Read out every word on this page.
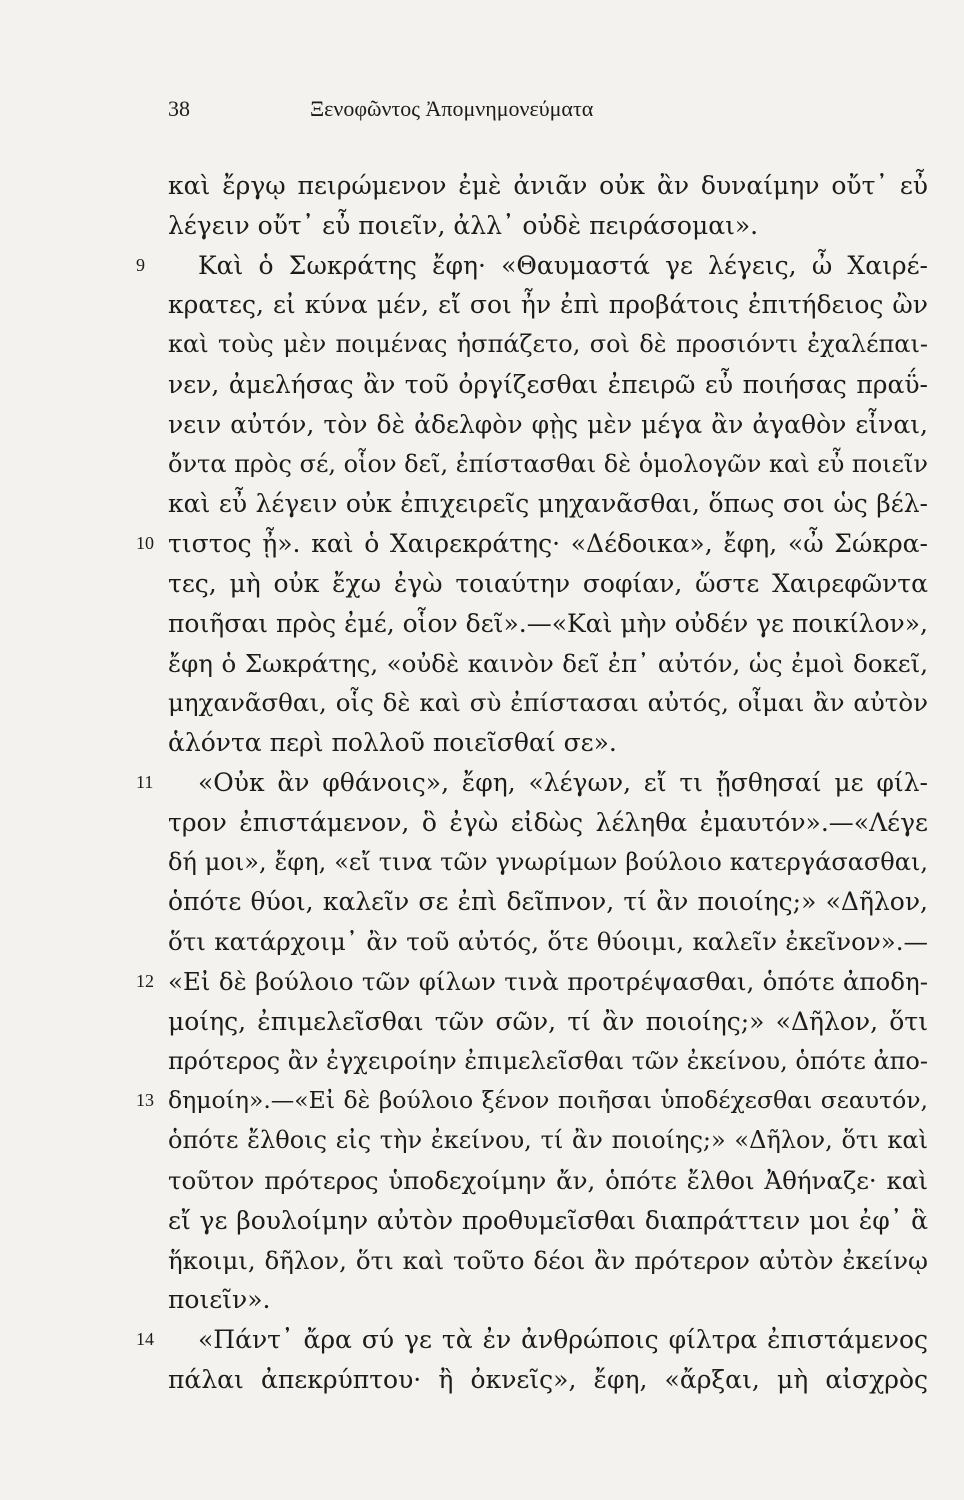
38	Ξενοφῶντος Ἀπομνημονεύματα
καὶ ἔργῳ πειρώμενον ἐμὲ ἀνιᾶν οὐκ ἂν δυναίμην οὔτ᾿ εὖ
λέγειν οὔτ᾿ εὖ ποιεῖν, ἀλλ᾿ οὐδὲ πειράσομαι».
9 Καὶ ὁ Σωκράτης ἔφη· «Θαυμαστά γε λέγεις, ὦ Χαιρέ-
κρατες, εἰ κύνα μέν, εἴ σοι ἦν ἐπὶ προβάτοις ἐπιτήδειος ὢν
καὶ τοὺς μὲν ποιμένας ἠσπάζετο, σοὶ δὲ προσιόντι ἐχαλέπαι-
νεν, ἀμελήσας ἂν τοῦ ὀργίζεσθαι ἐπειρῶ εὖ ποιήσας πραΰ-
νειν αὐτόν, τὸν δὲ ἀδελφὸν φῂς μὲν μέγα ἂν ἀγαθὸν εἶναι,
ὄντα πρὸς σέ, οἷον δεῖ, ἐπίστασθαι δὲ ὁμολογῶν καὶ εὖ ποιεῖν
καὶ εὖ λέγειν οὐκ ἐπιχειρεῖς μηχανᾶσθαι, ὅπως σοι ὡς βέλ-
10 τιστος ᾖ». καὶ ὁ Χαιρεκράτης· «Δέδοικα», ἔφη, «ὦ Σώκρα-
τες, μὴ οὐκ ἔχω ἐγὼ τοιαύτην σοφίαν, ὥστε Χαιρεφῶντα
ποιῆσαι πρὸς ἐμέ, οἷον δεῖ».—«Καὶ μὴν οὐδέν γε ποικίλον»,
ἔφη ὁ Σωκράτης, «οὐδὲ καινὸν δεῖ ἐπ᾿ αὐτόν, ὡς ἐμοὶ δοκεῖ,
μηχανᾶσθαι, οἷς δὲ καὶ σὺ ἐπίστασαι αὐτός, οἶμαι ἂν αὐτὸν
ἁλόντα περὶ πολλοῦ ποιεῖσθαί σε».
11 «Οὐκ ἂν φθάνοις», ἔφη, «λέγων, εἴ τι ᾔσθησαί με φίλ-
τρον ἐπιστάμενον, ὃ ἐγὼ εἰδὼς λέληθα ἐμαυτόν».—«Λέγε
δή μοι», ἔφη, «εἴ τινα τῶν γνωρίμων βούλοιο κατεργάσασθαι,
ὁπότε θύοι, καλεῖν σε ἐπὶ δεῖπνον, τί ἂν ποιοίης;» «Δῆλον,
ὅτι κατάρχοιμ᾿ ἂν τοῦ αὐτός, ὅτε θύοιμι, καλεῖν ἐκεῖνον».—
12 «Εἰ δὲ βούλοιο τῶν φίλων τινὰ προτρέψασθαι, ὁπότε ἀποδη-
μοίης, ἐπιμελεῖσθαι τῶν σῶν, τί ἂν ποιοίης;» «Δῆλον, ὅτι
πρότερος ἂν ἐγχειροίην ἐπιμελεῖσθαι τῶν ἐκείνου, ὁπότε ἀπο-
13 δημοίη».—«Εἰ δὲ βούλοιο ξένον ποιῆσαι ὑποδέχεσθαι σεαυτόν,
ὁπότε ἔλθοις εἰς τὴν ἐκείνου, τί ἂν ποιοίης;» «Δῆλον, ὅτι καὶ
τοῦτον πρότερος ὑποδεχοίμην ἄν, ὁπότε ἔλθοι Ἀθήναζε· καὶ
εἴ γε βουλοίμην αὐτὸν προθυμεῖσθαι διαπράττειν μοι ἐφ᾿ ἃ
ἥκοιμι, δῆλον, ὅτι καὶ τοῦτο δέοι ἂν πρότερον αὐτὸν ἐκείνῳ
ποιεῖν».
14 «Πάντ᾿ ἄρα σύ γε τὰ ἐν ἀνθρώποις φίλτρα ἐπιστάμενος
πάλαι ἀπεκρύπτου· ἢ ὀκνεῖς», ἔφη, «ἄρξαι, μὴ αἰσχρὸς
